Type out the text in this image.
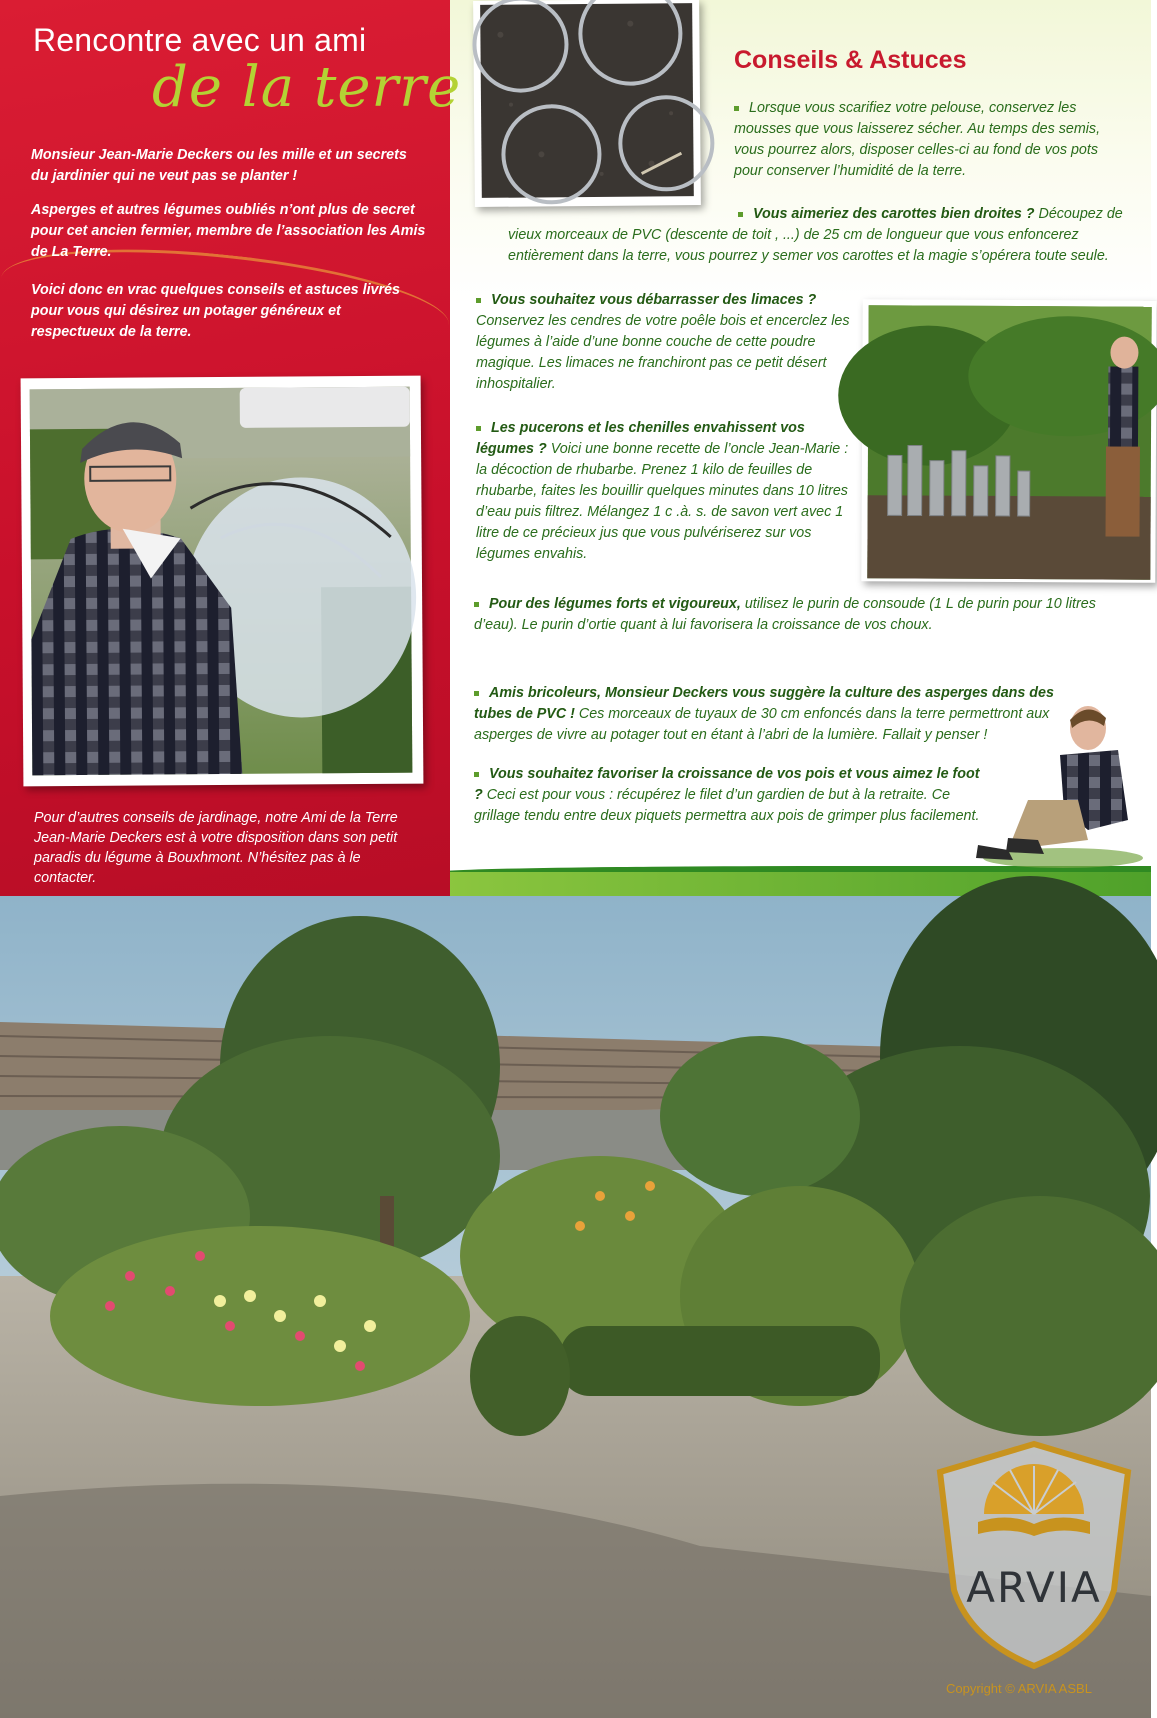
Rencontre avec un ami
de la terre
Monsieur Jean-Marie Deckers ou les mille et un secrets du jardinier qui ne veut pas se planter !
Asperges et autres légumes oubliés n’ont plus de secret pour cet ancien fermier, membre de l’association les Amis de La Terre.
Voici donc en vrac quelques conseils et astuces livrés pour vous qui désirez un potager généreux et respectueux de la terre.
Pour d’autres conseils de jardinage, notre Ami de la Terre Jean-Marie Deckers est à votre disposition dans son petit paradis du légume à Bouxhmont. N’hésitez pas à le contacter.
Conseils & Astuces
Lorsque vous scarifiez votre pelouse, conservez les mousses que vous laisserez sécher. Au temps des semis, vous pourrez alors, disposer celles-ci au fond de vos pots pour conserver l’humidité de la terre.
Vous aimeriez des carottes bien droites ? Découpez de vieux morceaux de PVC (descente de toit , ...) de 25 cm de longueur que vous enfoncerez entièrement dans la terre, vous pourrez y semer vos carottes et la magie s’opérera toute seule.
Vous souhaitez vous débarrasser des limaces ? Conservez les cendres de votre poêle bois et encerclez les légumes à l’aide d’une bonne couche de cette poudre magique. Les limaces ne franchiront pas ce petit désert inhospitalier.
Les pucerons et les chenilles envahissent vos légumes ? Voici une bonne recette de l’oncle Jean-Marie : la décoction de rhubarbe. Prenez 1 kilo de feuilles de rhubarbe, faites les bouillir quelques minutes dans 10 litres d’eau puis filtrez. Mélangez 1 c .à. s. de savon vert avec 1 litre de ce précieux jus que vous pulvériserez sur vos légumes envahis.
Pour des légumes forts et vigoureux, utilisez le purin de consoude (1 L de purin pour 10 litres d’eau). Le purin d’ortie quant à lui favorisera la croissance de vos choux.
Amis bricoleurs, Monsieur Deckers vous suggère la culture des asperges dans des tubes de PVC ! Ces morceaux de tuyaux de 30 cm enfoncés dans la terre permettront aux asperges de vivre au potager tout en étant à l’abri de la lumière. Fallait y penser !
Vous souhaitez favoriser la croissance de vos pois et vous aimez le foot ? Ceci est pour vous : récupérez le filet d’un gardien de but à la retraite. Ce grillage tendu entre deux piquets permettra aux pois de grimper plus facilement.
ARVIA
Copyright © ARVIA ASBL
